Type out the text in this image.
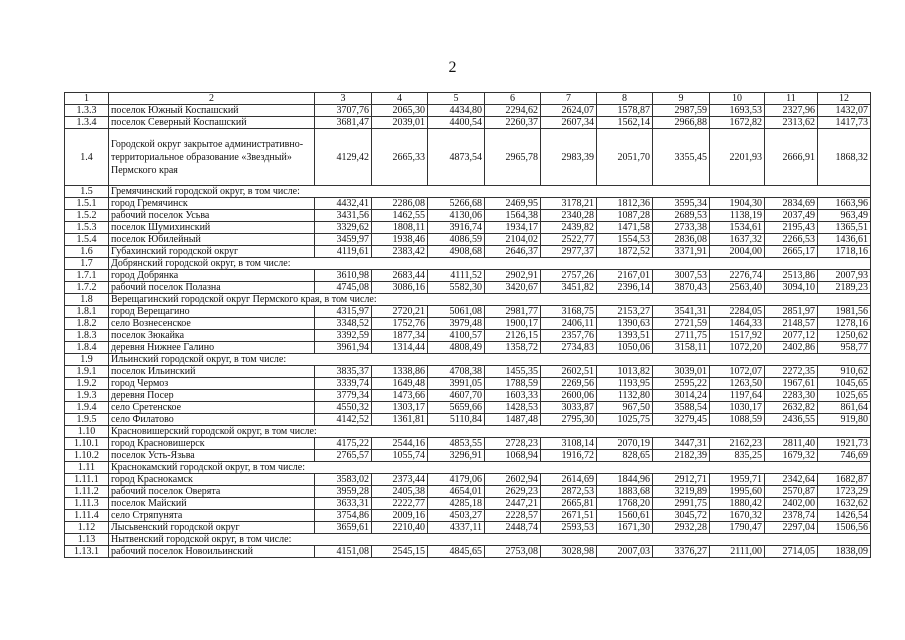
2
1	2	3	4	5	6	7	8	9	10	11	12
1.3.3	поселок Южный Коспашский	3707,76	2065,30	4434,80	2294,62	2624,07	1578,87	2987,59	1693,53	2327,96	1432,07
1.3.4	поселок Северный Коспашский	3681,47	2039,01	4400,54	2260,37	2607,34	1562,14	2966,88	1672,82	2313,62	1417,73
1.4	Городской округ закрытое административно-территориальное образование «Звездный» Пермского края	4129,42	2665,33	4873,54	2965,78	2983,39	2051,70	3355,45	2201,93	2666,91	1868,32
1.5	Гремячинский городской округ, в том числе:										
1.5.1	город Гремячинск	4432,41	2286,08	5266,68	2469,95	3178,21	1812,36	3595,34	1904,30	2834,69	1663,96
1.5.2	рабочий поселок Усьва	3431,56	1462,55	4130,06	1564,38	2340,28	1087,28	2689,53	1138,19	2037,49	963,49
1.5.3	поселок Шумихинский	3329,62	1808,11	3916,74	1934,17	2439,82	1471,58	2733,38	1534,61	2195,43	1365,51
1.5.4	поселок Юбилейный	3459,97	1938,46	4086,59	2104,02	2522,77	1554,53	2836,08	1637,32	2266,53	1436,61
1.6	Губахинский городской округ	4119,61	2383,42	4908,68	2646,37	2977,37	1872,52	3371,91	2004,00	2665,17	1718,16
1.7	Добрянский городской округ, в том числе:										
1.7.1	город Добрянка	3610,98	2683,44	4111,52	2902,91	2757,26	2167,01	3007,53	2276,74	2513,86	2007,93
1.7.2	рабочий поселок Полазна	4745,08	3086,16	5582,30	3420,67	3451,82	2396,14	3870,43	2563,40	3094,10	2189,23
1.8	Верещагинский городской округ Пермского края, в том числе:										
1.8.1	город Верещагино	4315,97	2720,21	5061,08	2981,77	3168,75	2153,27	3541,31	2284,05	2851,97	1981,56
1.8.2	село Вознесенское	3348,52	1752,76	3979,48	1900,17	2406,11	1390,63	2721,59	1464,33	2148,57	1278,16
1.8.3	поселок Зюкайка	3392,59	1877,34	4100,57	2126,15	2357,76	1393,51	2711,75	1517,92	2077,12	1250,62
1.8.4	деревня Нижнее Галино	3961,94	1314,44	4808,49	1358,72	2734,83	1050,06	3158,11	1072,20	2402,86	958,77
1.9	Ильинский городской округ, в том числе:										
1.9.1	поселок Ильинский	3835,37	1338,86	4708,38	1455,35	2602,51	1013,82	3039,01	1072,07	2272,35	910,62
1.9.2	город Чермоз	3339,74	1649,48	3991,05	1788,59	2269,56	1193,95	2595,22	1263,50	1967,61	1045,65
1.9.3	деревня Посер	3779,34	1473,66	4607,70	1603,33	2600,06	1132,80	3014,24	1197,64	2283,30	1025,65
1.9.4	село Сретенское	4550,32	1303,17	5659,66	1428,53	3033,87	967,50	3588,54	1030,17	2632,82	861,64
1.9.5	село Филатово	4142,52	1361,81	5110,84	1487,48	2795,30	1025,75	3279,45	1088,59	2436,55	919,80
1.10	Красновишерский городской округ, в том числе:										
1.10.1	город Красновишерск	4175,22	2544,16	4853,55	2728,23	3108,14	2070,19	3447,31	2162,23	2811,40	1921,73
1.10.2	поселок Усть-Язьва	2765,57	1055,74	3296,91	1068,94	1916,72	828,65	2182,39	835,25	1679,32	746,69
1.11	Краснокамский городской округ, в том числе:										
1.11.1	город Краснокамск	3583,02	2373,44	4179,06	2602,94	2614,69	1844,96	2912,71	1959,71	2342,64	1682,87
1.11.2	рабочий поселок Оверята	3959,28	2405,38	4654,01	2629,23	2872,53	1883,68	3219,89	1995,60	2570,87	1723,29
1.11.3	поселок Майский	3633,31	2222,77	4285,18	2447,21	2665,81	1768,20	2991,75	1880,42	2402,00	1632,62
1.11.4	село Стряпунята	3754,86	2009,16	4503,27	2228,57	2671,51	1560,61	3045,72	1670,32	2378,74	1426,54
1.12	Лысьвенский городской округ	3659,61	2210,40	4337,11	2448,74	2593,53	1671,30	2932,28	1790,47	2297,04	1506,56
1.13	Нытвенский городской округ, в том числе:										
1.13.1	рабочий поселок Новоильинский	4151,08	2545,15	4845,65	2753,08	3028,98	2007,03	3376,27	2111,00	2714,05	1838,09
